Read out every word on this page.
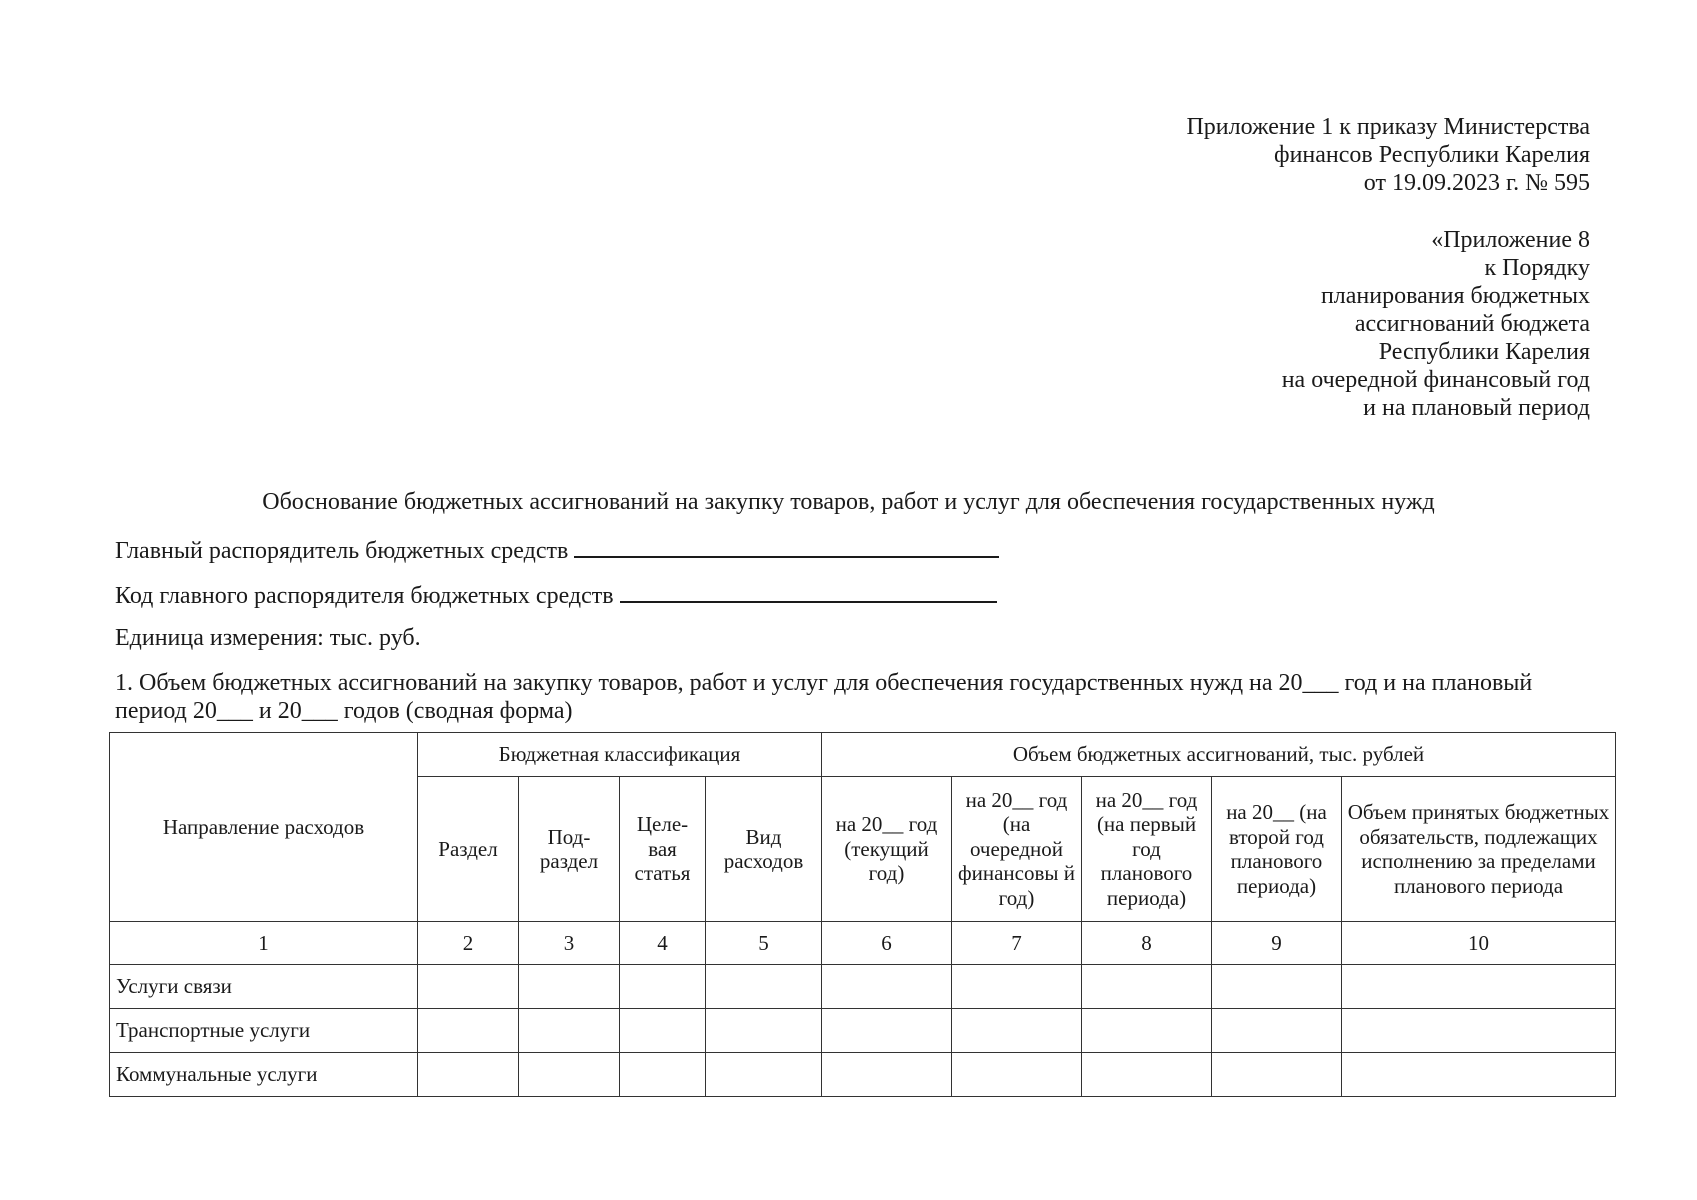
Приложение 1 к приказу Министерства
финансов Республики Карелия
от 19.09.2023 г. № 595
«Приложение 8
к Порядку
планирования бюджетных
ассигнований бюджета
Республики Карелия
на очередной финансовый год
и на плановый период
Обоснование бюджетных ассигнований на закупку товаров, работ и услуг для обеспечения государственных нужд
Главный распорядитель бюджетных средств
Код главного распорядителя бюджетных средств
Единица измерения: тыс. руб.
1. Объем бюджетных ассигнований на закупку товаров, работ и услуг для обеспечения государственных нужд на 20___ год и на плановый период 20___ и 20___ годов (сводная форма)
Направление расходов	Бюджетная классификация				Объем бюджетных ассигнований, тыс. рублей				
	Раздел	Под-раздел	Целе-вая статья	Вид расходов	на 20__ год (текущий год)	на 20__ год (на очередной финансовы й год)	на 20__ год (на первый год планового периода)	на 20__ (на второй год планового периода)	Объем принятых бюджетных обязательств, подлежащих исполнению за пределами планового периода
1	2	3	4	5	6	7	8	9	10
Услуги связи									
Транспортные услуги									
Коммунальные услуги									
